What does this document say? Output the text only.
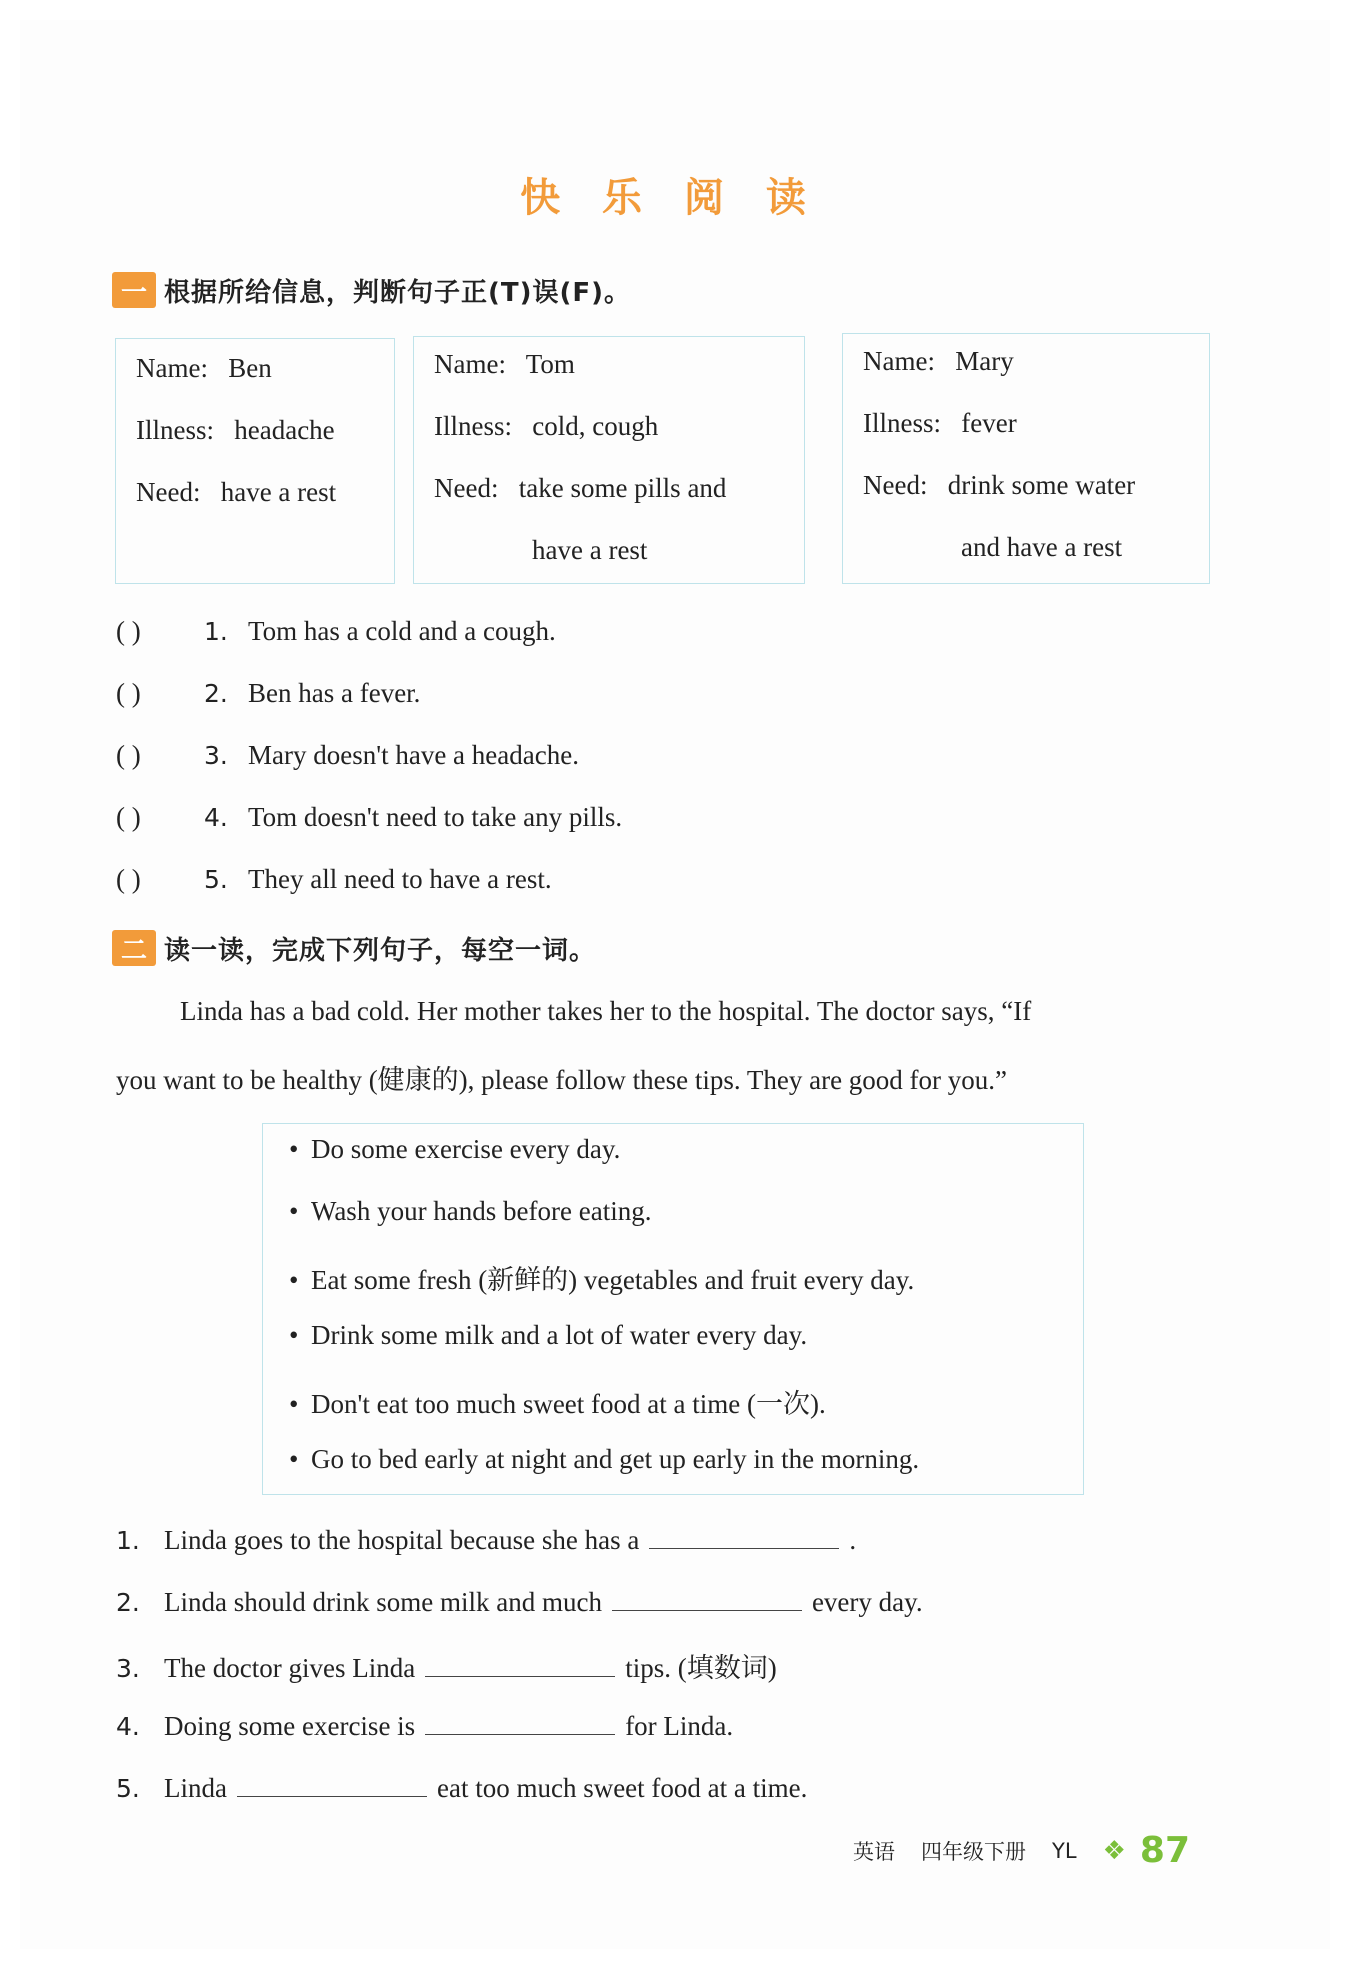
快 乐 阅 读
一 根据所给信息，判断句子正(T)误(F)。
Name: Ben
Illness: headache
Need: have a rest
Name: Tom
Illness: cold, cough
Need: take some pills and
have a rest
Name: Mary
Illness: fever
Need: drink some water
and have a rest
( )	1. Tom has a cold and a cough.
( )	2. Ben has a fever.
( )	3. Mary doesn't have a headache.
( )	4. Tom doesn't need to take any pills.
( )	5. They all need to have a rest.
二 读一读，完成下列句子，每空一词。
Linda has a bad cold. Her mother takes her to the hospital. The doctor says, “If
you want to be healthy (健康的), please follow these tips. They are good for you.”
• Do some exercise every day.
• Wash your hands before eating.
• Eat some fresh (新鲜的) vegetables and fruit every day.
• Drink some milk and a lot of water every day.
• Don't eat too much sweet food at a time (一次).
• Go to bed early at night and get up early in the morning.
1. Linda goes to the hospital because she has a	.
2. Linda should drink some milk and much	every day.
3. The doctor gives Linda	tips. (填数词)
4. Doing some exercise is	for Linda.
5. Linda	eat too much sweet food at a time.
英语 四年级下册 YL ❖ 87
